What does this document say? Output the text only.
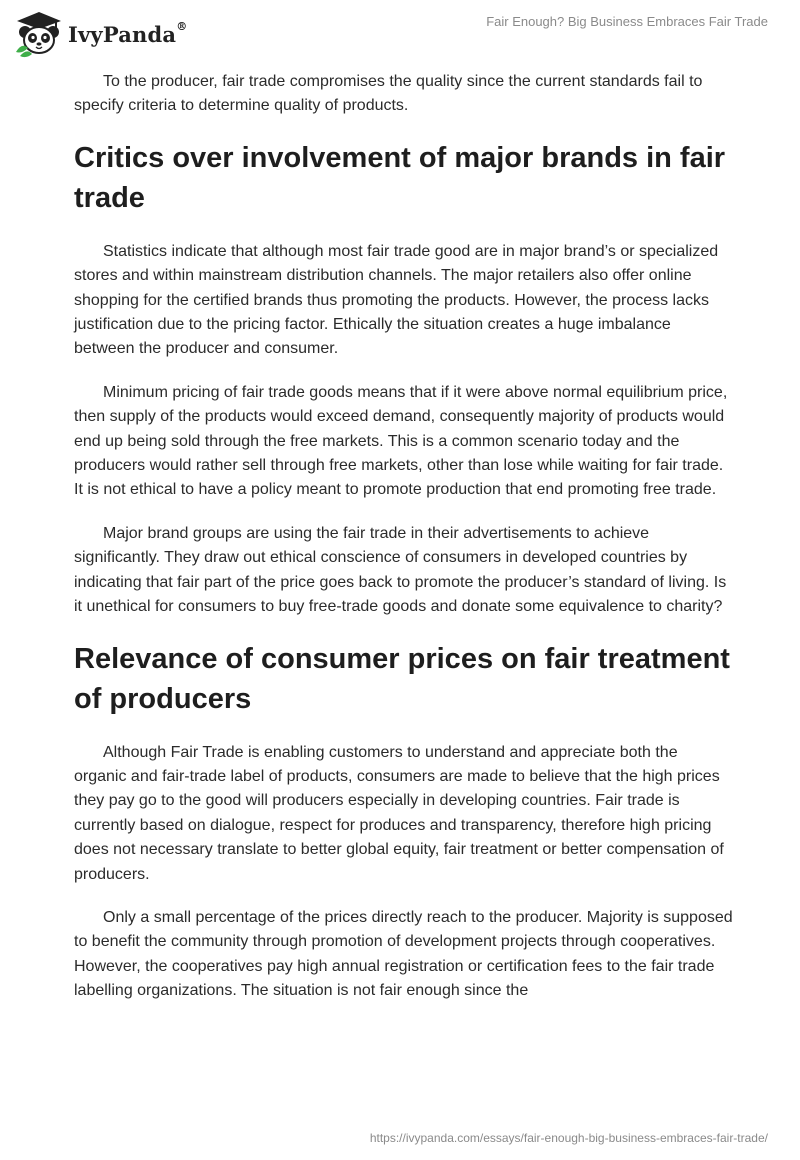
IvyPanda®	Fair Enough? Big Business Embraces Fair Trade

To the producer, fair trade compromises the quality since the current standards fail to specify criteria to determine quality of products.

Critics over involvement of major brands in fair trade

Statistics indicate that although most fair trade good are in major brand’s or specialized stores and within mainstream distribution channels. The major retailers also offer online shopping for the certified brands thus promoting the products. However, the process lacks justification due to the pricing factor. Ethically the situation creates a huge imbalance between the producer and consumer.

Minimum pricing of fair trade goods means that if it were above normal equilibrium price, then supply of the products would exceed demand, consequently majority of products would end up being sold through the free markets. This is a common scenario today and the producers would rather sell through free markets, other than lose while waiting for fair trade. It is not ethical to have a policy meant to promote production that end promoting free trade.

Major brand groups are using the fair trade in their advertisements to achieve significantly. They draw out ethical conscience of consumers in developed countries by indicating that fair part of the price goes back to promote the producer’s standard of living. Is it unethical for consumers to buy free-trade goods and donate some equivalence to charity?

Relevance of consumer prices on fair treatment of producers

Although Fair Trade is enabling customers to understand and appreciate both the organic and fair-trade label of products, consumers are made to believe that the high prices they pay go to the good will producers especially in developing countries. Fair trade is currently based on dialogue, respect for produces and transparency, therefore high pricing does not necessary translate to better global equity, fair treatment or better compensation of producers.

Only a small percentage of the prices directly reach to the producer. Majority is supposed to benefit the community through promotion of development projects through cooperatives. However, the cooperatives pay high annual registration or certification fees to the fair trade labelling organizations. The situation is not fair enough since the

https://ivypanda.com/essays/fair-enough-big-business-embraces-fair-trade/
